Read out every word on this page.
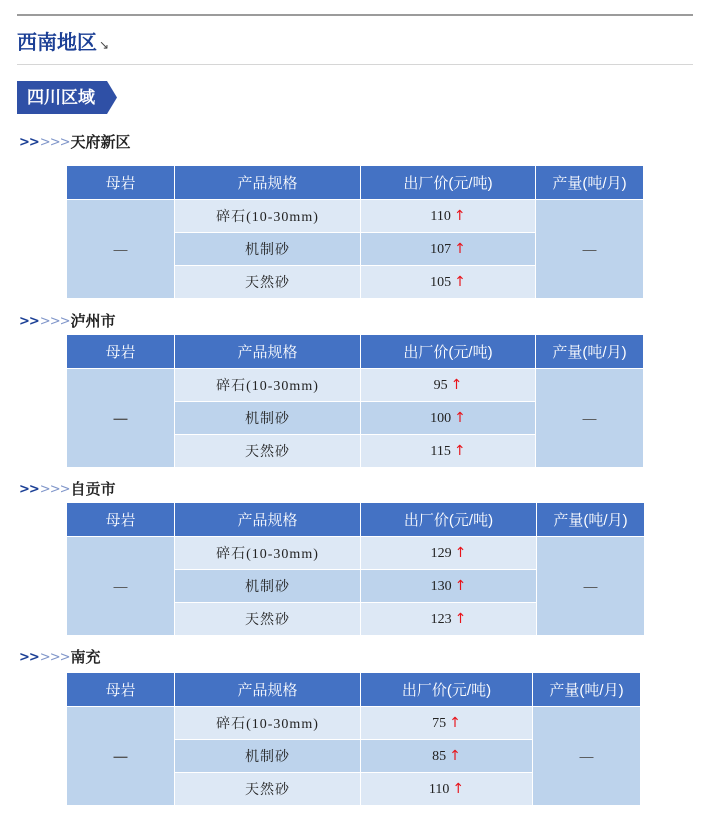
西南地区 ↘
四川区域
>> >>> 天府新区
母岩	产品规格	出厂价(元/吨)	产量(吨/月)
—	碎石(10-30mm)	110 ↑	—
	机制砂	107 ↑	
	天然砂	105 ↑	
>> >>> 泸州市
母岩	产品规格	出厂价(元/吨)	产量(吨/月)
—	碎石(10-30mm)	95 ↑	—
	机制砂	100 ↑	
	天然砂	115 ↑	
>> >>> 自贡市
母岩	产品规格	出厂价(元/吨)	产量(吨/月)
—	碎石(10-30mm)	129 ↑	—
	机制砂	130 ↑	
	天然砂	123 ↑	
>> >>> 南充
母岩	产品规格	出厂价(元/吨)	产量(吨/月)
—	碎石(10-30mm)	75 ↑	—
	机制砂	85 ↑	
	天然砂	110 ↑	
